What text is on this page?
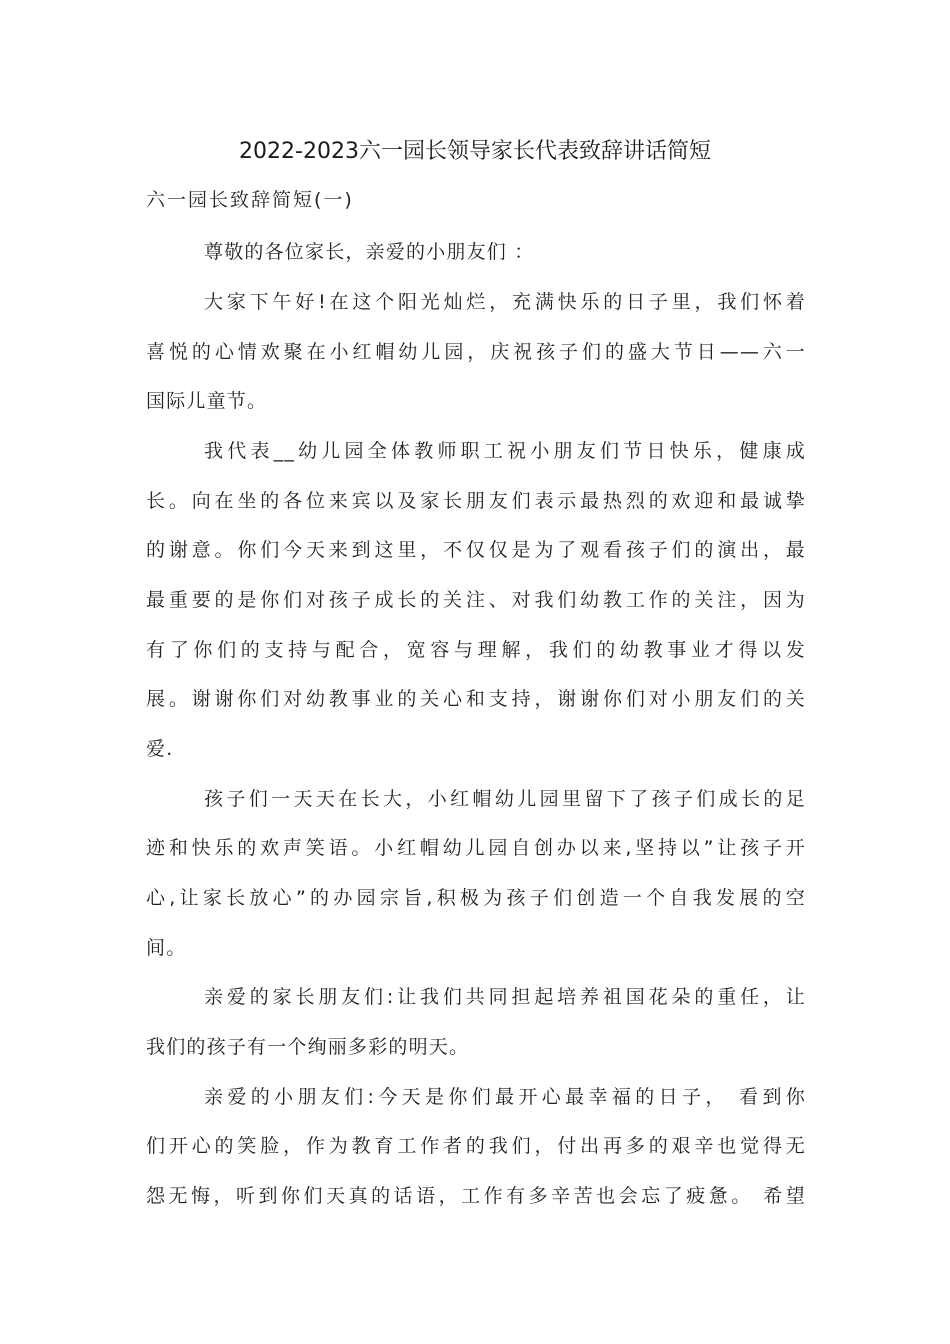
2022-2023六一园长领导家长代表致辞讲话简短
六一园长致辞简短(一)
尊敬的各位家长，亲爱的小朋友们 ：
大家下午好!在这个阳光灿烂，充满快乐的日子里，我们怀着
喜悦的心情欢聚在小红帽幼儿园，庆祝孩子们的盛大节日——六一
国际儿童节。
我代表__幼儿园全体教师职工祝小朋友们节日快乐，健康成
长。向在坐的各位来宾以及家长朋友们表示最热烈的欢迎和最诚挚
的谢意。你们今天来到这里，不仅仅是为了观看孩子们的演出，最
最重要的是你们对孩子成长的关注、对我们幼教工作的关注，因为
有了你们的支持与配合，宽容与理解，我们的幼教事业才得以发
展。谢谢你们对幼教事业的关心和支持，谢谢你们对小朋友们的关
爱.
孩子们一天天在长大，小红帽幼儿园里留下了孩子们成长的足
迹和快乐的欢声笑语。小红帽幼儿园自创办以来,坚持以”让孩子开
心,让家长放心”的办园宗旨,积极为孩子们创造一个自我发展的空
间。
亲爱的家长朋友们:让我们共同担起培养祖国花朵的重任，让
我们的孩子有一个绚丽多彩的明天。
亲爱的小朋友们:今天是你们最开心最幸福的日子， 看到你
们开心的笑脸，作为教育工作者的我们，付出再多的艰辛也觉得无
怨无悔，听到你们天真的话语，工作有多辛苦也会忘了疲惫。 希望
